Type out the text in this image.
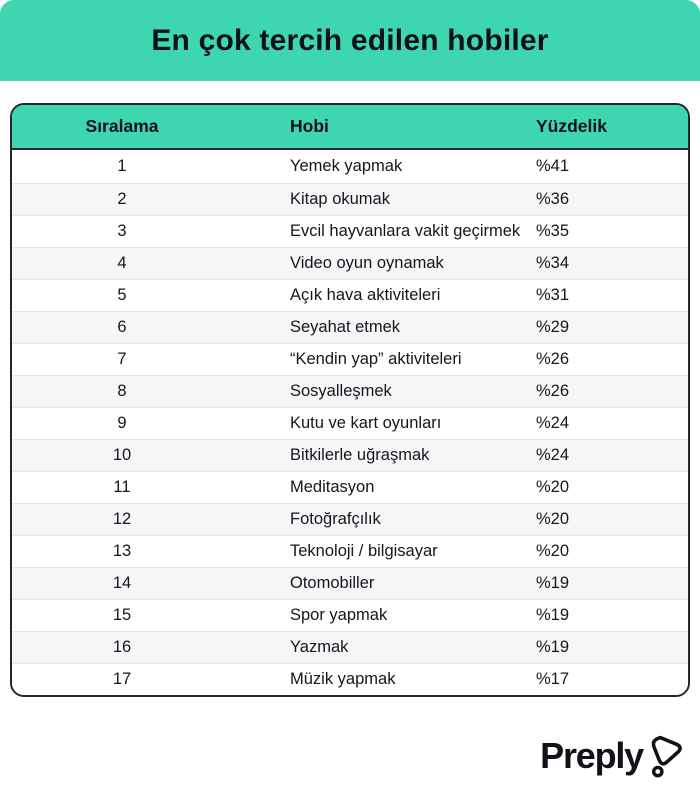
En çok tercih edilen hobiler
Sıralama	Hobi	Yüzdelik
1	Yemek yapmak	%41
2	Kitap okumak	%36
3	Evcil hayvanlara vakit geçirmek %35
4	Video oyun oynamak	%34
5	Açık hava aktiviteleri	%31
6	Seyahat etmek	%29
7	“Kendin yap” aktiviteleri	%26
8	Sosyalleşmek	%26
9	Kutu ve kart oyunları	%24
10	Bitkilerle uğraşmak	%24
11	Meditasyon	%20
12	Fotoğrafçılık	%20
13	Teknoloji / bilgisayar	%20
14	Otomobiller	%19
15	Spor yapmak	%19
16	Yazmak	%19
17	Müzik yapmak	%17
Preply
